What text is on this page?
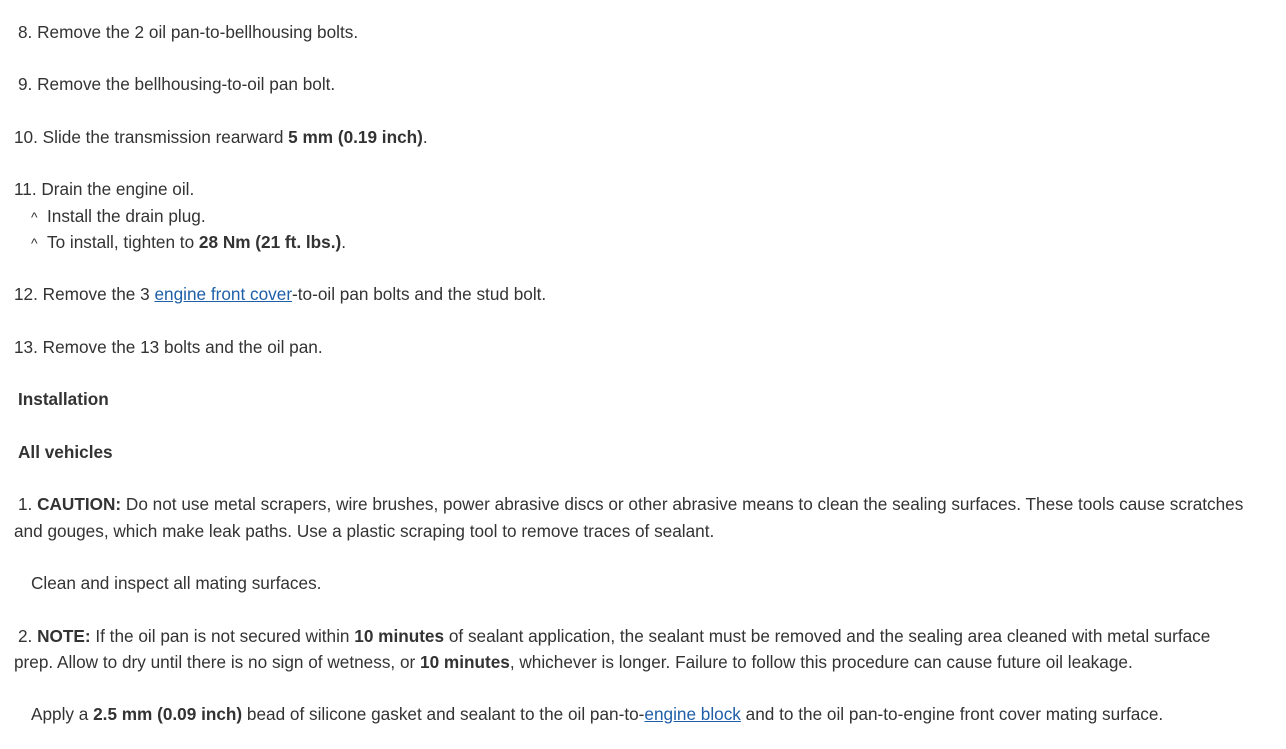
8. Remove the 2 oil pan-to-bellhousing bolts.
9. Remove the bellhousing-to-oil pan bolt.
10. Slide the transmission rearward 5 mm (0.19 inch).
11. Drain the engine oil.
^ Install the drain plug.
^ To install, tighten to 28 Nm (21 ft. lbs.).
12. Remove the 3 engine front cover-to-oil pan bolts and the stud bolt.
13. Remove the 13 bolts and the oil pan.
Installation
All vehicles
1. CAUTION: Do not use metal scrapers, wire brushes, power abrasive discs or other abrasive means to clean the sealing surfaces. These tools cause scratches
and gouges, which make leak paths. Use a plastic scraping tool to remove traces of sealant.
Clean and inspect all mating surfaces.
2. NOTE: If the oil pan is not secured within 10 minutes of sealant application, the sealant must be removed and the sealing area cleaned with metal surface
prep. Allow to dry until there is no sign of wetness, or 10 minutes, whichever is longer. Failure to follow this procedure can cause future oil leakage.
Apply a 2.5 mm (0.09 inch) bead of silicone gasket and sealant to the oil pan-to-engine block and to the oil pan-to-engine front cover mating surface.
